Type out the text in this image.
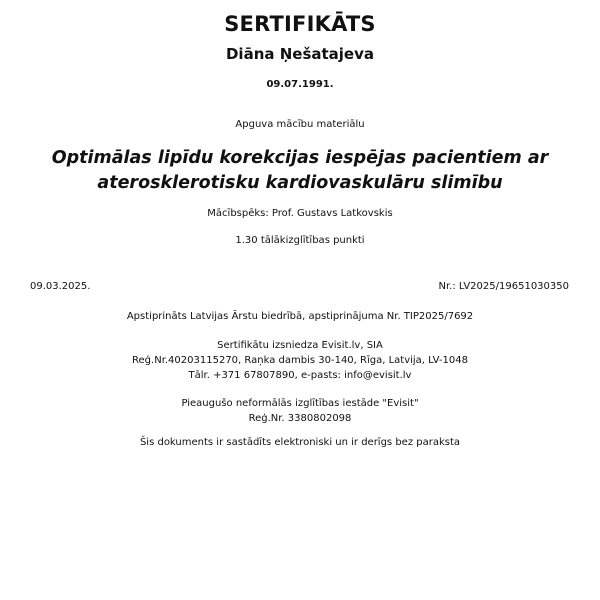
SERTIFIKĀTS
Diāna Ņešatajeva
09.07.1991.
Apguva mācību materiālu
Optimālas lipīdu korekcijas iespējas pacientiem ar
aterosklerotisku kardiovaskulāru slimību
Mācībspēks: Prof. Gustavs Latkovskis
1.30 tālākizglītības punkti
09.03.2025.	Nr.: LV2025/19651030350
Apstiprināts Latvijas Ārstu biedrībā, apstiprinājuma Nr. TIP2025/7692
Sertifikātu izsniedza Evisit.lv, SIA
Reģ.Nr.40203115270, Raņka dambis 30-140, Rīga, Latvija, LV-1048
Tālr. +371 67807890, e-pasts: info@evisit.lv
Pieaugušo neformālās izglītības iestāde "Evisit"
Reģ.Nr. 3380802098
Šis dokuments ir sastādīts elektroniski un ir derīgs bez paraksta
